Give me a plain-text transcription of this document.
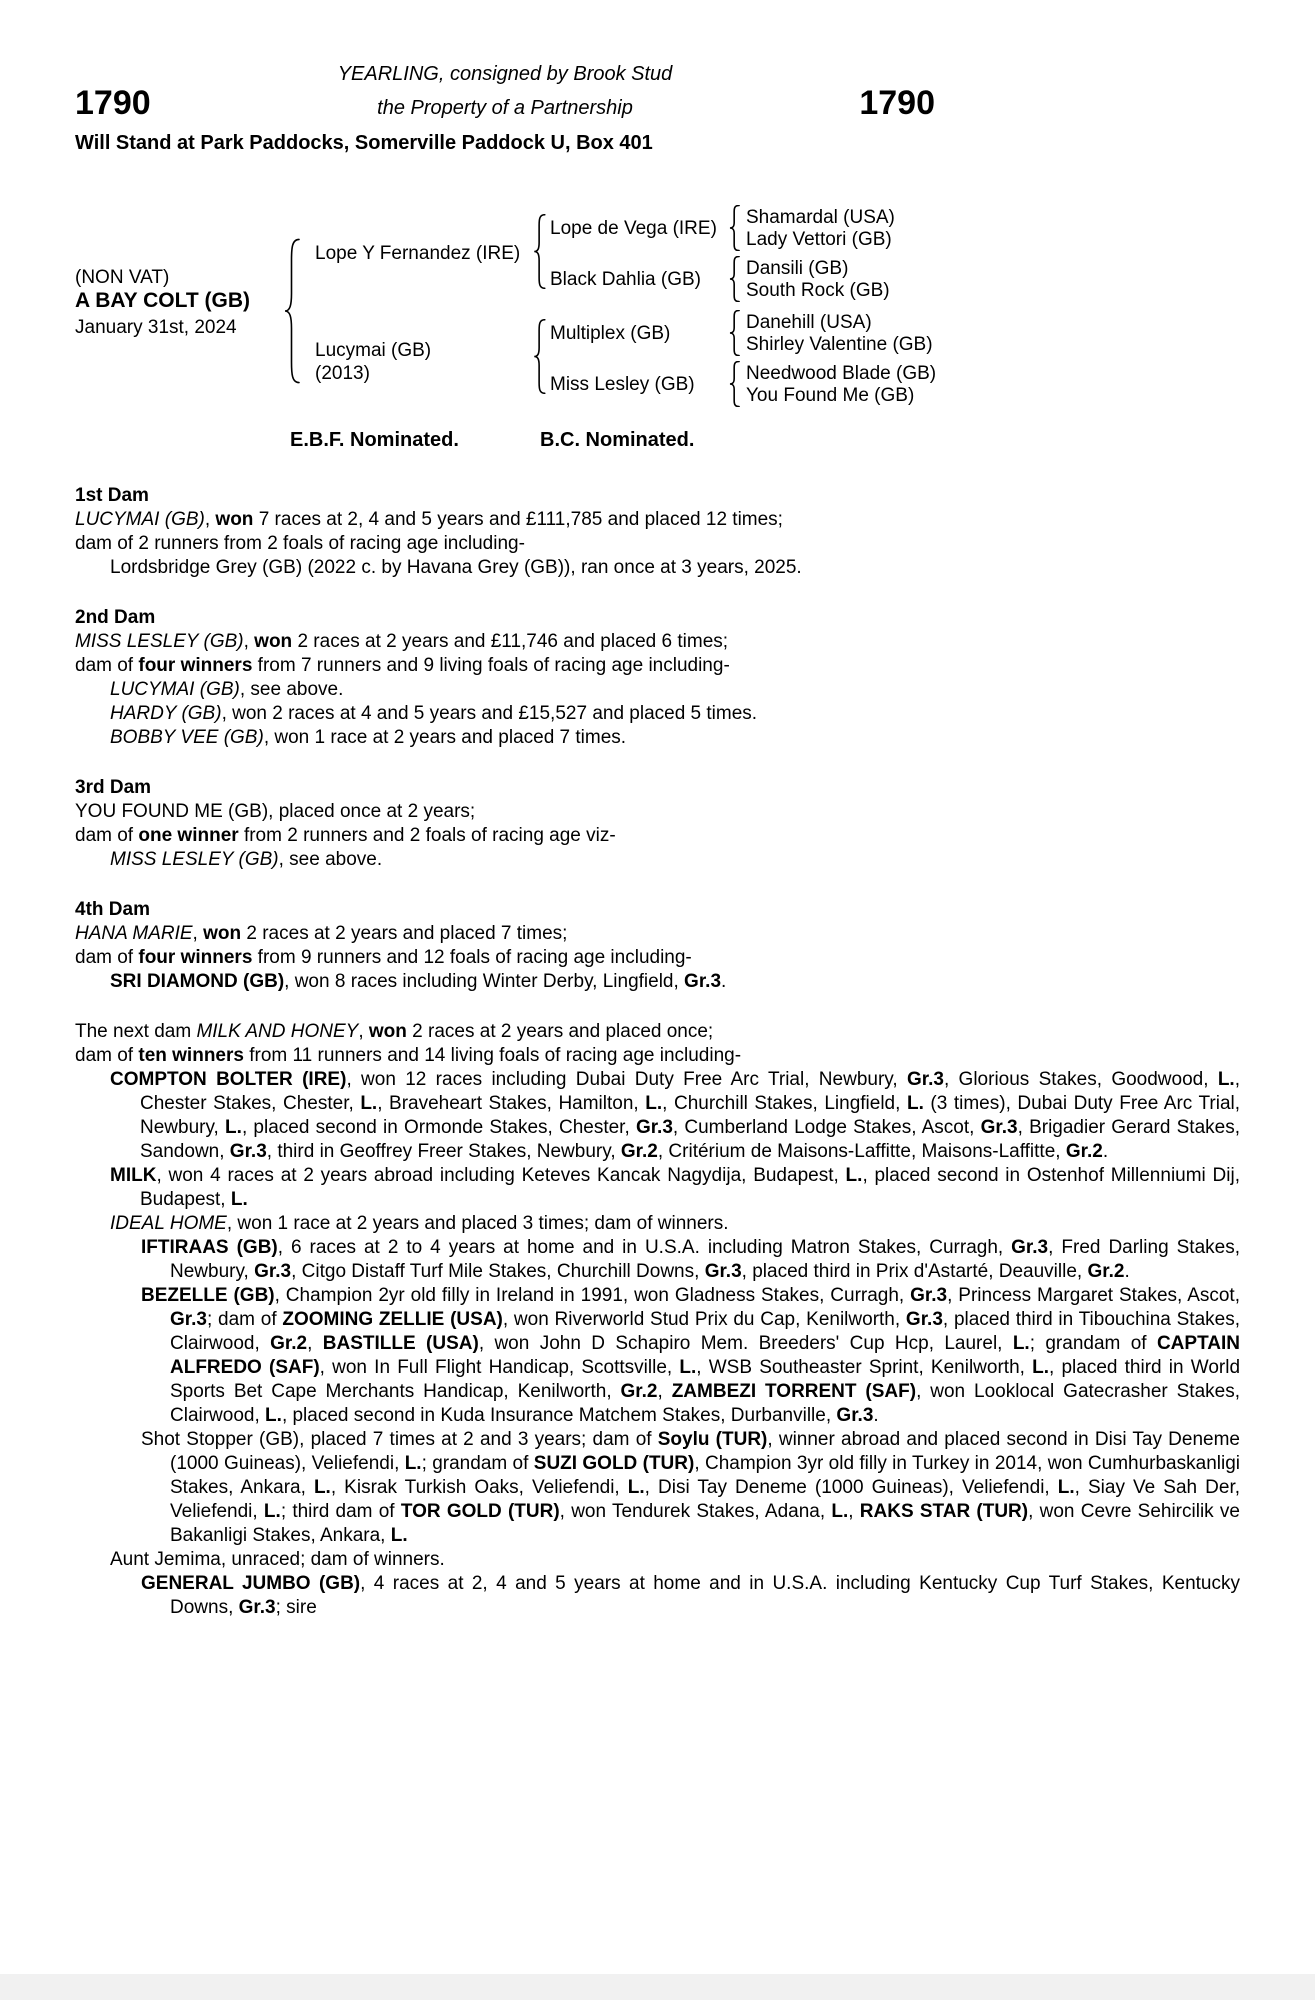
YEARLING, consigned by Brook Stud
1790	the Property of a Partnership	1790
Will Stand at Park Paddocks, Somerville Paddock U, Box 401
(NON VAT)
A BAY COLT (GB)
January 31st, 2024
Lope Y Fernandez (IRE)
Lucymai (GB)
(2013)
Lope de Vega (IRE)
Black Dahlia (GB)
Multiplex (GB)
Miss Lesley (GB)
Shamardal (USA)
Lady Vettori (GB)
Dansili (GB)
South Rock (GB)
Danehill (USA)
Shirley Valentine (GB)
Needwood Blade (GB)
You Found Me (GB)
E.B.F. Nominated.	B.C. Nominated.
1st Dam

LUCYMAI (GB), won 7 races at 2, 4 and 5 years and £111,785 and placed 12 times;

dam of 2 runners from 2 foals of racing age including-

Lordsbridge Grey (GB) (2022 c. by Havana Grey (GB)), ran once at 3 years, 2025.

2nd Dam

MISS LESLEY (GB), won 2 races at 2 years and £11,746 and placed 6 times;

dam of four winners from 7 runners and 9 living foals of racing age including-

LUCYMAI (GB), see above.

HARDY (GB), won 2 races at 4 and 5 years and £15,527 and placed 5 times.

BOBBY VEE (GB), won 1 race at 2 years and placed 7 times.

3rd Dam

YOU FOUND ME (GB), placed once at 2 years;

dam of one winner from 2 runners and 2 foals of racing age viz-

MISS LESLEY (GB), see above.

4th Dam

HANA MARIE, won 2 races at 2 years and placed 7 times;

dam of four winners from 9 runners and 12 foals of racing age including-

SRI DIAMOND (GB), won 8 races including Winter Derby, Lingfield, Gr.3.

The next dam MILK AND HONEY, won 2 races at 2 years and placed once;

dam of ten winners from 11 runners and 14 living foals of racing age including-

COMPTON BOLTER (IRE), won 12 races including Dubai Duty Free Arc Trial, Newbury, Gr.3, Glorious Stakes, Goodwood, L., Chester Stakes, Chester, L., Braveheart Stakes, Hamilton, L., Churchill Stakes, Lingfield, L. (3 times), Dubai Duty Free Arc Trial, Newbury, L., placed second in Ormonde Stakes, Chester, Gr.3, Cumberland Lodge Stakes, Ascot, Gr.3, Brigadier Gerard Stakes, Sandown, Gr.3, third in Geoffrey Freer Stakes, Newbury, Gr.2, Critérium de Maisons-Laffitte, Maisons-Laffitte, Gr.2.

MILK, won 4 races at 2 years abroad including Keteves Kancak Nagydija, Budapest, L., placed second in Ostenhof Millenniumi Dij, Budapest, L.

IDEAL HOME, won 1 race at 2 years and placed 3 times; dam of winners.

IFTIRAAS (GB), 6 races at 2 to 4 years at home and in U.S.A. including Matron Stakes, Curragh, Gr.3, Fred Darling Stakes, Newbury, Gr.3, Citgo Distaff Turf Mile Stakes, Churchill Downs, Gr.3, placed third in Prix d'Astarté, Deauville, Gr.2.

BEZELLE (GB), Champion 2yr old filly in Ireland in 1991, won Gladness Stakes, Curragh, Gr.3, Princess Margaret Stakes, Ascot, Gr.3; dam of ZOOMING ZELLIE (USA), won Riverworld Stud Prix du Cap, Kenilworth, Gr.3, placed third in Tibouchina Stakes, Clairwood, Gr.2, BASTILLE (USA), won John D Schapiro Mem. Breeders' Cup Hcp, Laurel, L.; grandam of CAPTAIN ALFREDO (SAF), won In Full Flight Handicap, Scottsville, L., WSB Southeaster Sprint, Kenilworth, L., placed third in World Sports Bet Cape Merchants Handicap, Kenilworth, Gr.2, ZAMBEZI TORRENT (SAF), won Looklocal Gatecrasher Stakes, Clairwood, L., placed second in Kuda Insurance Matchem Stakes, Durbanville, Gr.3.

Shot Stopper (GB), placed 7 times at 2 and 3 years; dam of Soylu (TUR), winner abroad and placed second in Disi Tay Deneme (1000 Guineas), Veliefendi, L.; grandam of SUZI GOLD (TUR), Champion 3yr old filly in Turkey in 2014, won Cumhurbaskanligi Stakes, Ankara, L., Kisrak Turkish Oaks, Veliefendi, L., Disi Tay Deneme (1000 Guineas), Veliefendi, L., Siay Ve Sah Der, Veliefendi, L.; third dam of TOR GOLD (TUR), won Tendurek Stakes, Adana, L., RAKS STAR (TUR), won Cevre Sehircilik ve Bakanligi Stakes, Ankara, L.

Aunt Jemima, unraced; dam of winners.

GENERAL JUMBO (GB), 4 races at 2, 4 and 5 years at home and in U.S.A. including Kentucky Cup Turf Stakes, Kentucky Downs, Gr.3; sire
